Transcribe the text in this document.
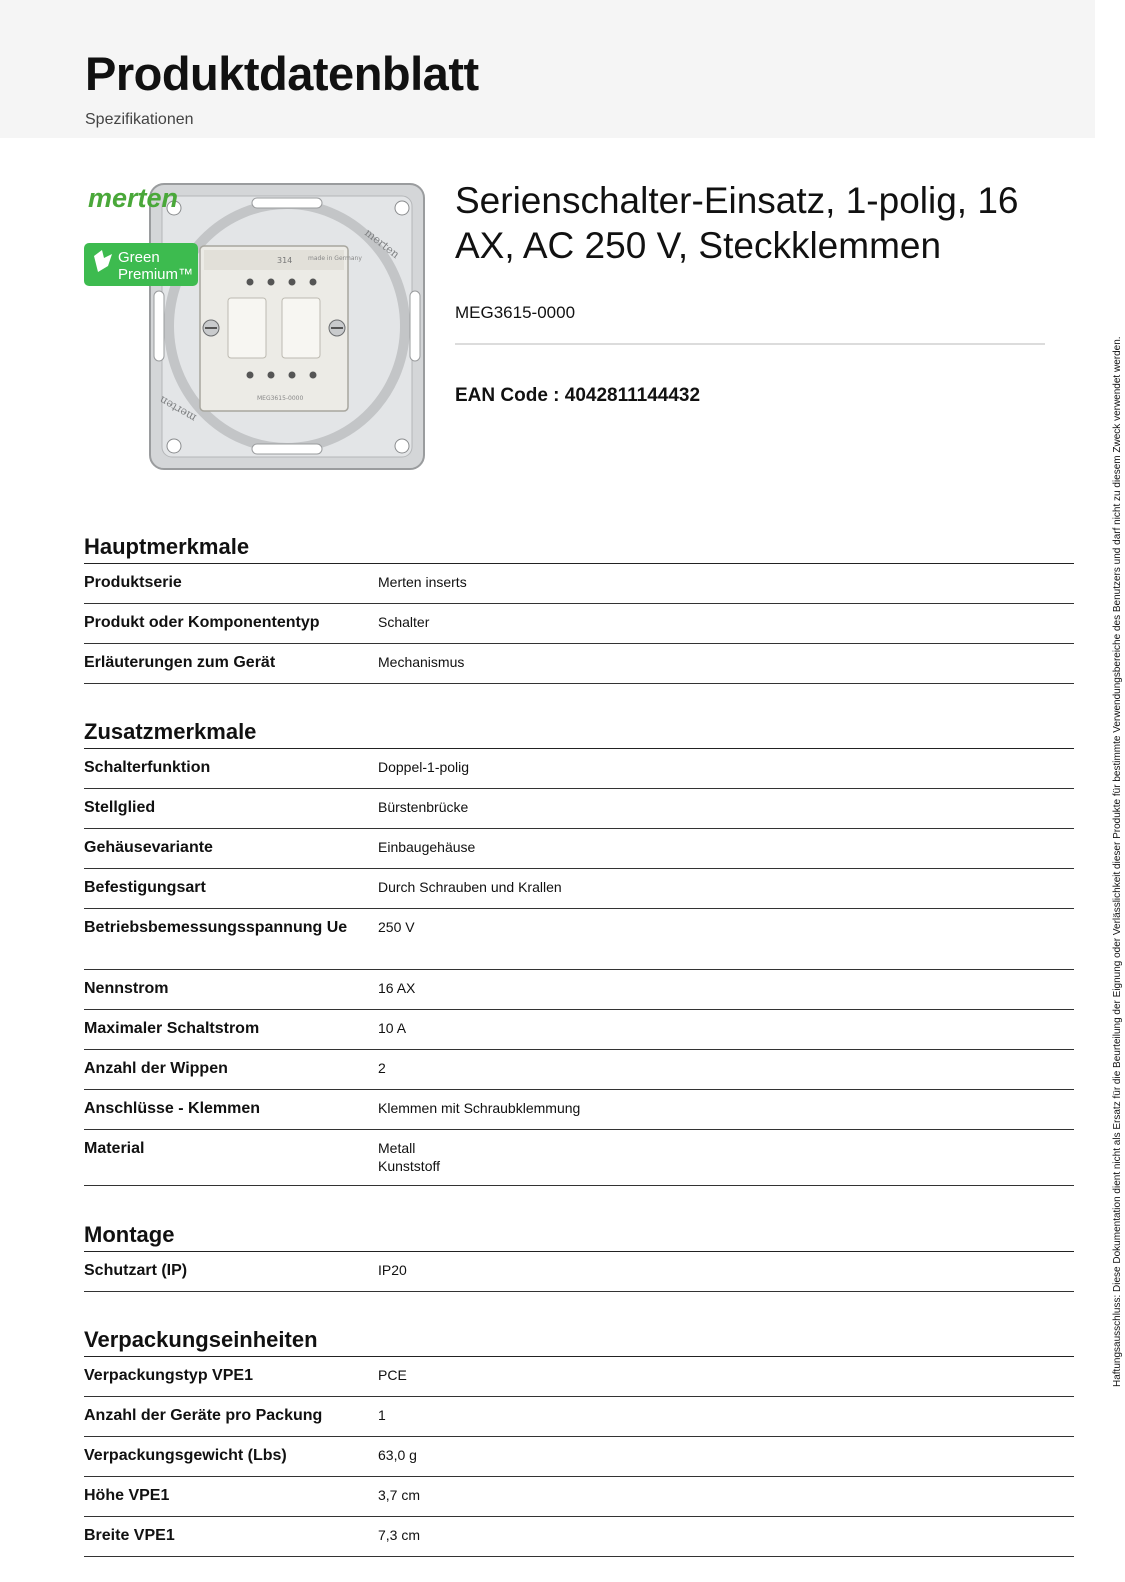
Produktdatenblatt
Spezifikationen
merten
merten
314	made in Germany
MEG3615-0000
merten
Green
Premium™
Serienschalter-Einsatz, 1-polig, 16 AX, AC 250 V, Steckklemmen
MEG3615-0000
EAN Code : 4042811144432
Hauptmerkmale
Produktserie	Merten inserts
Produkt oder Komponententyp	Schalter
Erläuterungen zum Gerät	Mechanismus
Zusatzmerkmale
Schalterfunktion	Doppel-1-polig
Stellglied	Bürstenbrücke
Gehäusevariante	Einbaugehäuse
Befestigungsart	Durch Schrauben und Krallen
Betriebsbemessungsspannung Ue	250 V
Nennstrom	16 AX
Maximaler Schaltstrom	10 A
Anzahl der Wippen	2
Anschlüsse - Klemmen	Klemmen mit Schraubklemmung
Material	Metall
Kunststoff
Montage
Schutzart (IP)	IP20
Verpackungseinheiten
Verpackungstyp VPE1	PCE
Anzahl der Geräte pro Packung	1
Verpackungsgewicht (Lbs)	63,0 g
Höhe VPE1	3,7 cm
Breite VPE1	7,3 cm
Haftungsausschluss: Diese Dokumentation dient nicht als Ersatz für die Beurteilung der Eignung oder Verlässlichkeit dieser Produkte für bestimmte Verwendungsbereiche des Benutzers und darf nicht zu diesem Zweck verwendet werden.
